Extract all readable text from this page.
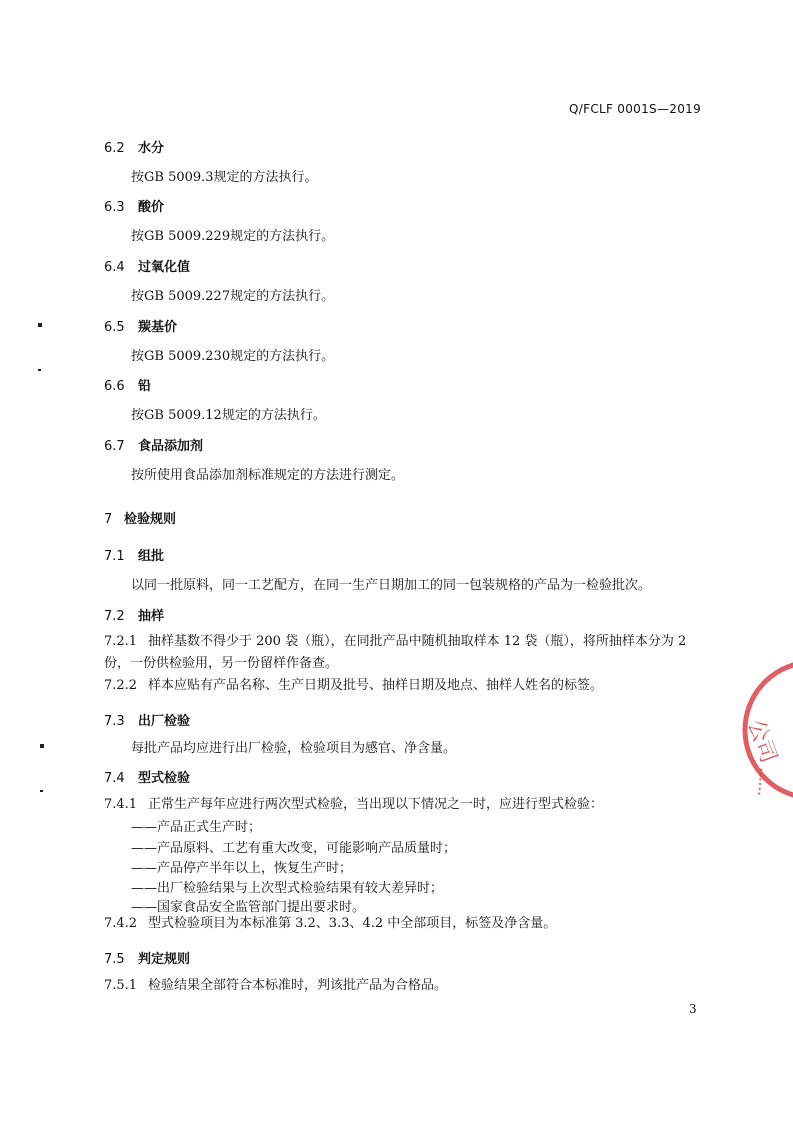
Q/FCLF 0001S—2019
6.2 水分
按GB 5009.3规定的方法执行。
6.3 酸价
按GB 5009.229规定的方法执行。
6.4 过氧化值
按GB 5009.227规定的方法执行。
6.5 羰基价
按GB 5009.230规定的方法执行。
6.6 铅
按GB 5009.12规定的方法执行。
6.7 食品添加剂
按所使用食品添加剂标准规定的方法进行测定。
7 检验规则
7.1 组批
以同一批原料，同一工艺配方，在同一生产日期加工的同一包装规格的产品为一检验批次。
7.2 抽样
7.2.1 抽样基数不得少于 200 袋（瓶），在同批产品中随机抽取样本 12 袋（瓶），将所抽样本分为 2
份，一份供检验用，另一份留样作备查。
7.2.2 样本应贴有产品名称、生产日期及批号、抽样日期及地点、抽样人姓名的标签。
7.3 出厂检验
每批产品均应进行出厂检验，检验项目为感官、净含量。
7.4 型式检验
7.4.1 正常生产每年应进行两次型式检验，当出现以下情况之一时，应进行型式检验：
——产品正式生产时；
——产品原料、工艺有重大改变，可能影响产品质量时；
——产品停产半年以上，恢复生产时；
——出厂检验结果与上次型式检验结果有较大差异时；
——国家食品安全监管部门提出要求时。
7.4.2 型式检验项目为本标准第 3.2、3.3、4.2 中全部项目，标签及净含量。
7.5 判定规则
7.5.1 检验结果全部符合本标准时，判该批产品为合格品。
3
公司
••••••
